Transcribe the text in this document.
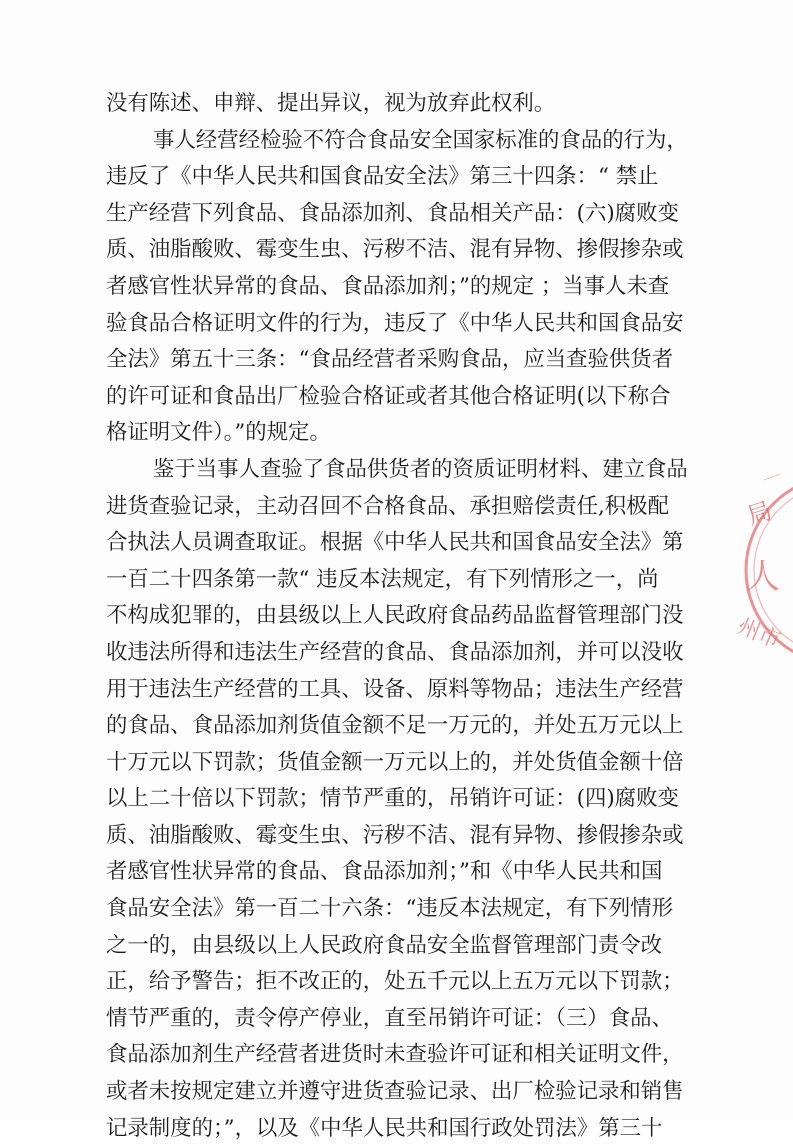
没有陈述、申辩、提出异议，视为放弃此权利。
事人经营经检验不符合食品安全国家标准的食品的行为，
违反了《中华人民共和国食品安全法》第三十四条：“ 禁止
生产经营下列食品、食品添加剂、食品相关产品：(六)腐败变
质、油脂酸败、霉变生虫、污秽不洁、混有异物、掺假掺杂或
者感官性状异常的食品、食品添加剂；”的规定 ；当事人未查
验食品合格证明文件的行为，违反了《中华人民共和国食品安
全法》第五十三条：“食品经营者采购食品，应当查验供货者
的许可证和食品出厂检验合格证或者其他合格证明(以下称合
格证明文件）。”的规定。
鉴于当事人查验了食品供货者的资质证明材料、建立食品
进货查验记录，主动召回不合格食品、承担赔偿责任,积极配
合执法人员调查取证。根据《中华人民共和国食品安全法》第
一百二十四条第一款“ 违反本法规定，有下列情形之一，尚
不构成犯罪的，由县级以上人民政府食品药品监督管理部门没
收违法所得和违法生产经营的食品、食品添加剂，并可以没收
用于违法生产经营的工具、设备、原料等物品；违法生产经营
的食品、食品添加剂货值金额不足一万元的，并处五万元以上
十万元以下罚款；货值金额一万元以上的，并处货值金额十倍
以上二十倍以下罚款；情节严重的，吊销许可证：(四)腐败变
质、油脂酸败、霉变生虫、污秽不洁、混有异物、掺假掺杂或
者感官性状异常的食品、食品添加剂；”和《中华人民共和国
食品安全法》第一百二十六条：“违反本法规定，有下列情形
之一的，由县级以上人民政府食品安全监督管理部门责令改
正，给予警告；拒不改正的，处五千元以上五万元以下罚款；
情节严重的，责令停产停业，直至吊销许可证：（三）食品、
食品添加剂生产经营者进货时未查验许可证和相关证明文件，
或者未按规定建立并遵守进货查验记录、出厂检验记录和销售
记录制度的；”，以及《中华人民共和国行政处罚法》第三十
局
人
州市
